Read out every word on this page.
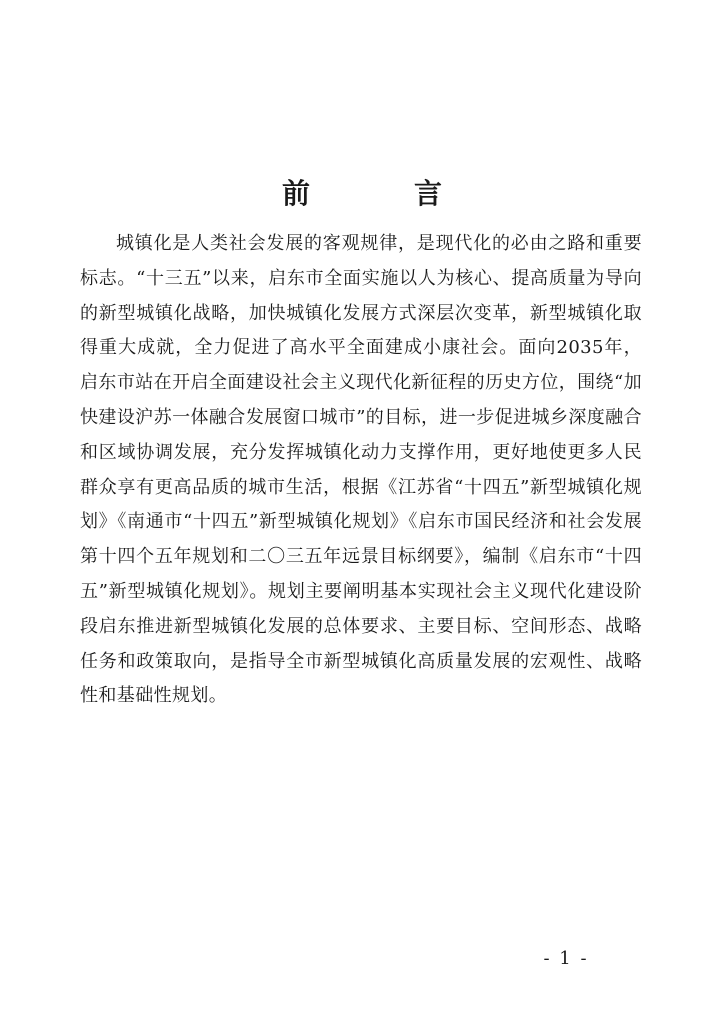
前　言

城镇化是人类社会发展的客观规律，是现代化的必由之路和重要标志。“十三五”以来，启东市全面实施以人为核心、提高质量为导向的新型城镇化战略，加快城镇化发展方式深层次变革，新型城镇化取得重大成就，全力促进了高水平全面建成小康社会。面向2035年，启东市站在开启全面建设社会主义现代化新征程的历史方位，围绕“加快建设沪苏一体融合发展窗口城市”的目标，进一步促进城乡深度融合和区域协调发展，充分发挥城镇化动力支撑作用，更好地使更多人民群众享有更高品质的城市生活，根据《江苏省“十四五”新型城镇化规划》《南通市“十四五”新型城镇化规划》《启东市国民经济和社会发展第十四个五年规划和二〇三五年远景目标纲要》，编制《启东市“十四五”新型城镇化规划》。规划主要阐明基本实现社会主义现代化建设阶段启东推进新型城镇化发展的总体要求、主要目标、空间形态、战略任务和政策取向，是指导全市新型城镇化高质量发展的宏观性、战略性和基础性规划。

- 1 -
